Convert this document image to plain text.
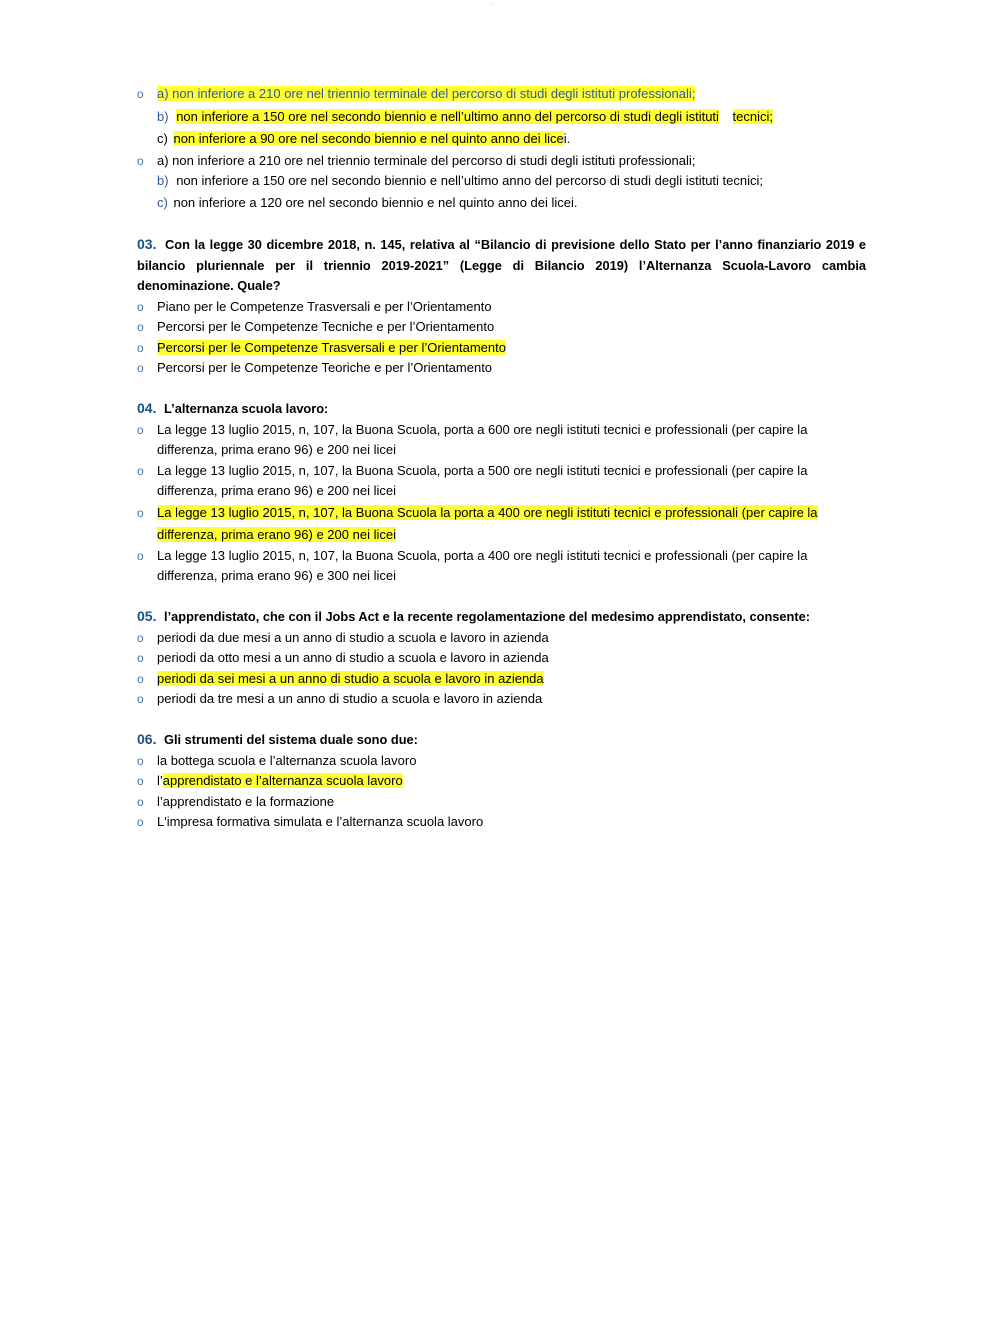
…
o	a) non inferiore a 210 ore nel triennio terminale del percorso di studi degli istituti professionali;
b) non inferiore a 150 ore nel secondo biennio e nell’ultimo anno del percorso di studi degli istituti tecnici;
c) non inferiore a 90 ore nel secondo biennio e nel quinto anno dei licei.
o	a) non inferiore a 210 ore nel triennio terminale del percorso di studi degli istituti professionali;
b) non inferiore a 150 ore nel secondo biennio e nell’ultimo anno del percorso di studi degli istituti tecnici;
c) non inferiore a 120 ore nel secondo biennio e nel quinto anno dei licei.
03. Con la legge 30 dicembre 2018, n. 145, relativa al “Bilancio di previsione dello Stato per l’anno finanziario 2019 e bilancio pluriennale per il triennio 2019-2021” (Legge di Bilancio 2019) l’Alternanza Scuola-Lavoro cambia denominazione. Quale?
o	Piano per le Competenze Trasversali e per l’Orientamento
o	Percorsi per le Competenze Tecniche e per l’Orientamento
o	Percorsi per le Competenze Trasversali e per l’Orientamento
o	Percorsi per le Competenze Teoriche e per l’Orientamento
04. L’alternanza scuola lavoro:
o	La legge 13 luglio 2015, n, 107, la Buona Scuola, porta a 600 ore negli istituti tecnici e professionali (per capire la differenza, prima erano 96) e 200 nei licei
o	La legge 13 luglio 2015, n, 107, la Buona Scuola, porta a 500 ore negli istituti tecnici e professionali (per capire la differenza, prima erano 96) e 200 nei licei
o	La legge 13 luglio 2015, n, 107, la Buona Scuola la porta a 400 ore negli istituti tecnici e professionali (per capire la differenza, prima erano 96) e 200 nei licei
o	La legge 13 luglio 2015, n, 107, la Buona Scuola, porta a 400 ore negli istituti tecnici e professionali (per capire la differenza, prima erano 96) e 300 nei licei
05. l’apprendistato, che con il Jobs Act e la recente regolamentazione del medesimo apprendistato, consente:
o	periodi da due mesi a un anno di studio a scuola e lavoro in azienda
o	periodi da otto mesi a un anno di studio a scuola e lavoro in azienda
o	periodi da sei mesi a un anno di studio a scuola e lavoro in azienda
o	periodi da tre mesi a un anno di studio a scuola e lavoro in azienda
06. Gli strumenti del sistema duale sono due:
o	la bottega scuola e l’alternanza scuola lavoro
o	l’apprendistato e l’alternanza scuola lavoro
o	l’apprendistato e la formazione
o	L'impresa formativa simulata e l’alternanza scuola lavoro
